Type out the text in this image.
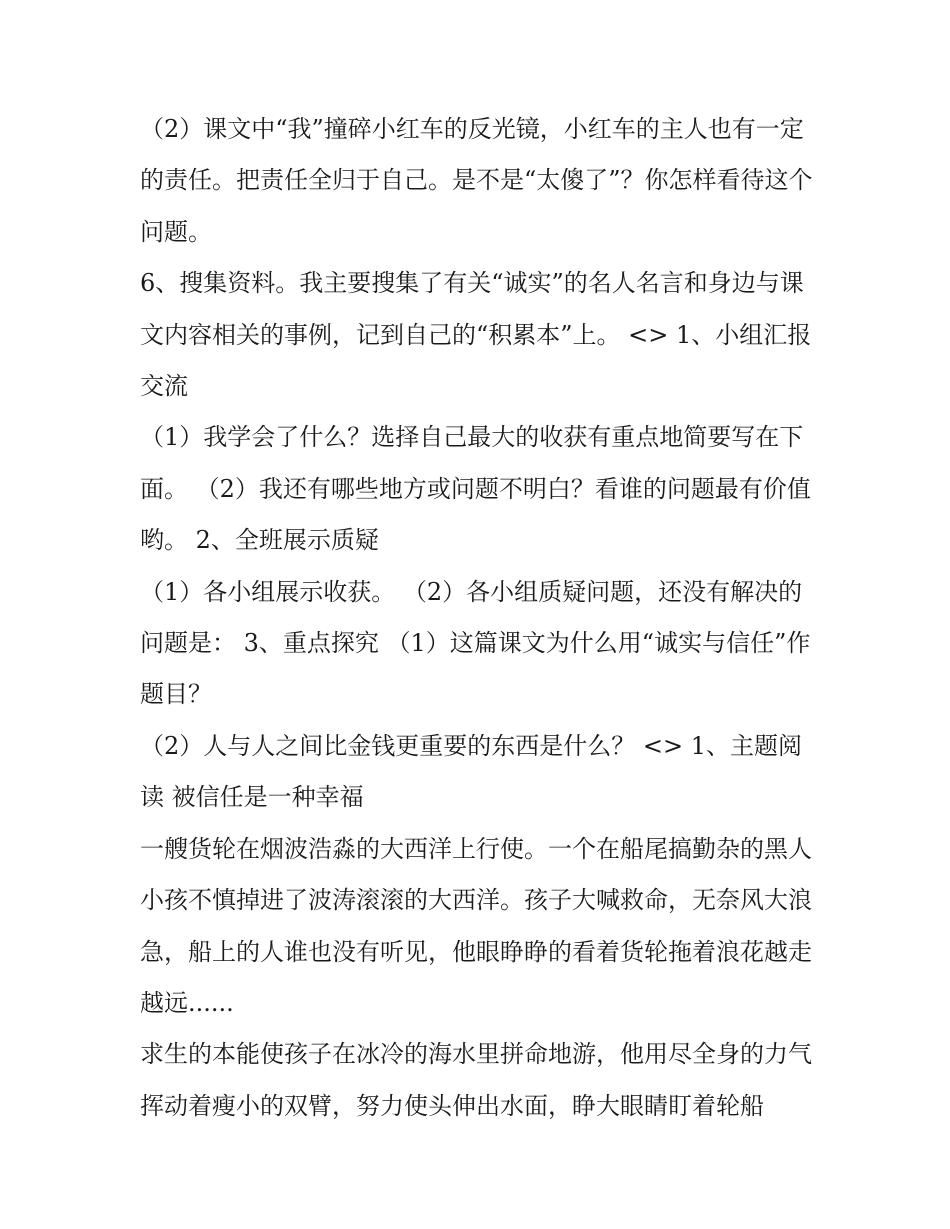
（2）课文中“我”撞碎小红车的反光镜，小红车的主人也有一定的责任。把责任全归于自己。是不是“太傻了”？你怎样看待这个问题。

6、搜集资料。我主要搜集了有关“诚实”的名人名言和身边与课文内容相关的事例，记到自己的“积累本”上。 <> 1、小组汇报交流

（1）我学会了什么？选择自己最大的收获有重点地简要写在下面。 （2）我还有哪些地方或问题不明白？看谁的问题最有价值哟。 2、全班展示质疑

（1）各小组展示收获。 （2）各小组质疑问题，还没有解决的问题是： 3、重点探究 （1）这篇课文为什么用“诚实与信任”作题目？

（2）人与人之间比金钱更重要的东西是什么？ <> 1、主题阅读 被信任是一种幸福

一艘货轮在烟波浩淼的大西洋上行使。一个在船尾搞勤杂的黑人小孩不慎掉进了波涛滚滚的大西洋。孩子大喊救命，无奈风大浪急，船上的人谁也没有听见，他眼睁睁的看着货轮拖着浪花越走越远......

求生的本能使孩子在冰冷的海水里拼命地游，他用尽全身的力气挥动着瘦小的双臂，努力使头伸出水面，睁大眼睛盯着轮船
